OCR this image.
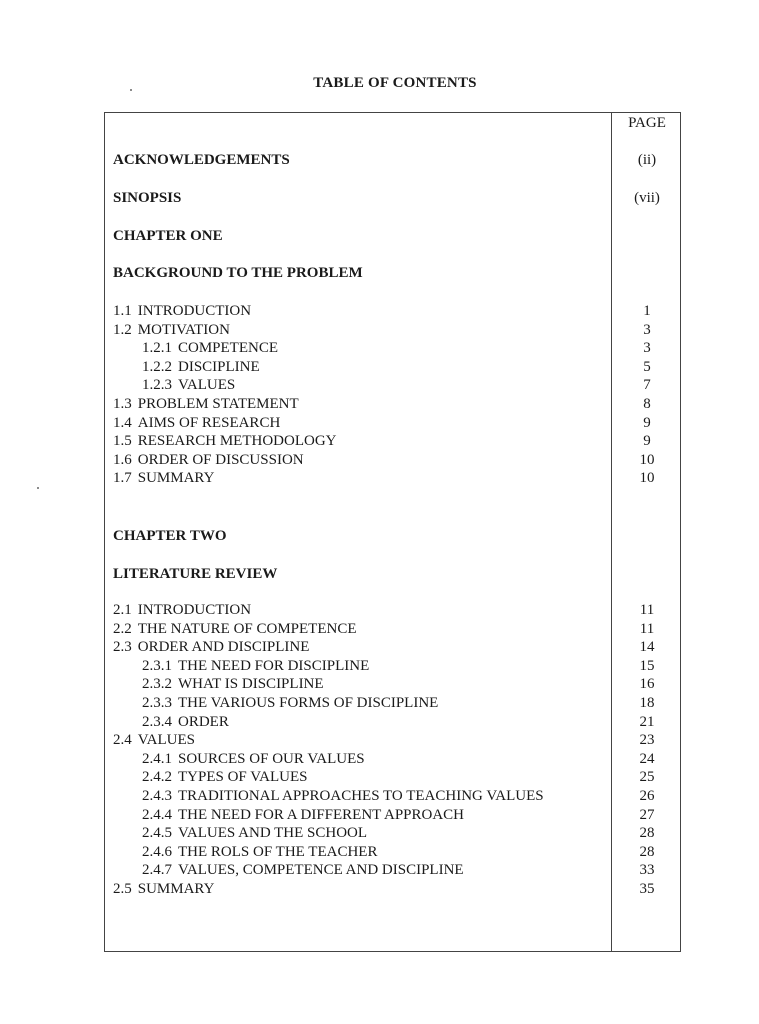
TABLE OF CONTENTS
PAGE
ACKNOWLEDGEMENTS	(ii)
SINOPSIS	(vii)
CHAPTER ONE
BACKGROUND TO THE PROBLEM
1.1 INTRODUCTION	1
1.2 MOTIVATION	3
1.2.1 COMPETENCE	3
1.2.2 DISCIPLINE	5
1.2.3 VALUES	7
1.3 PROBLEM STATEMENT	8
1.4 AIMS OF RESEARCH	9
1.5 RESEARCH METHODOLOGY	9
1.6 ORDER OF DISCUSSION	10
1.7 SUMMARY	10
CHAPTER TWO
LITERATURE REVIEW
2.1 INTRODUCTION	11
2.2 THE NATURE OF COMPETENCE	11
2.3 ORDER AND DISCIPLINE	14
2.3.1 THE NEED FOR DISCIPLINE	15
2.3.2 WHAT IS DISCIPLINE	16
2.3.3 THE VARIOUS FORMS OF DISCIPLINE	18
2.3.4 ORDER	21
2.4 VALUES	23
2.4.1 SOURCES OF OUR VALUES	24
2.4.2 TYPES OF VALUES	25
2.4.3 TRADITIONAL APPROACHES TO TEACHING VALUES	26
2.4.4 THE NEED FOR A DIFFERENT APPROACH	27
2.4.5 VALUES AND THE SCHOOL	28
2.4.6 THE ROLS OF THE TEACHER	28
2.4.7 VALUES, COMPETENCE AND DISCIPLINE	33
2.5 SUMMARY	35
